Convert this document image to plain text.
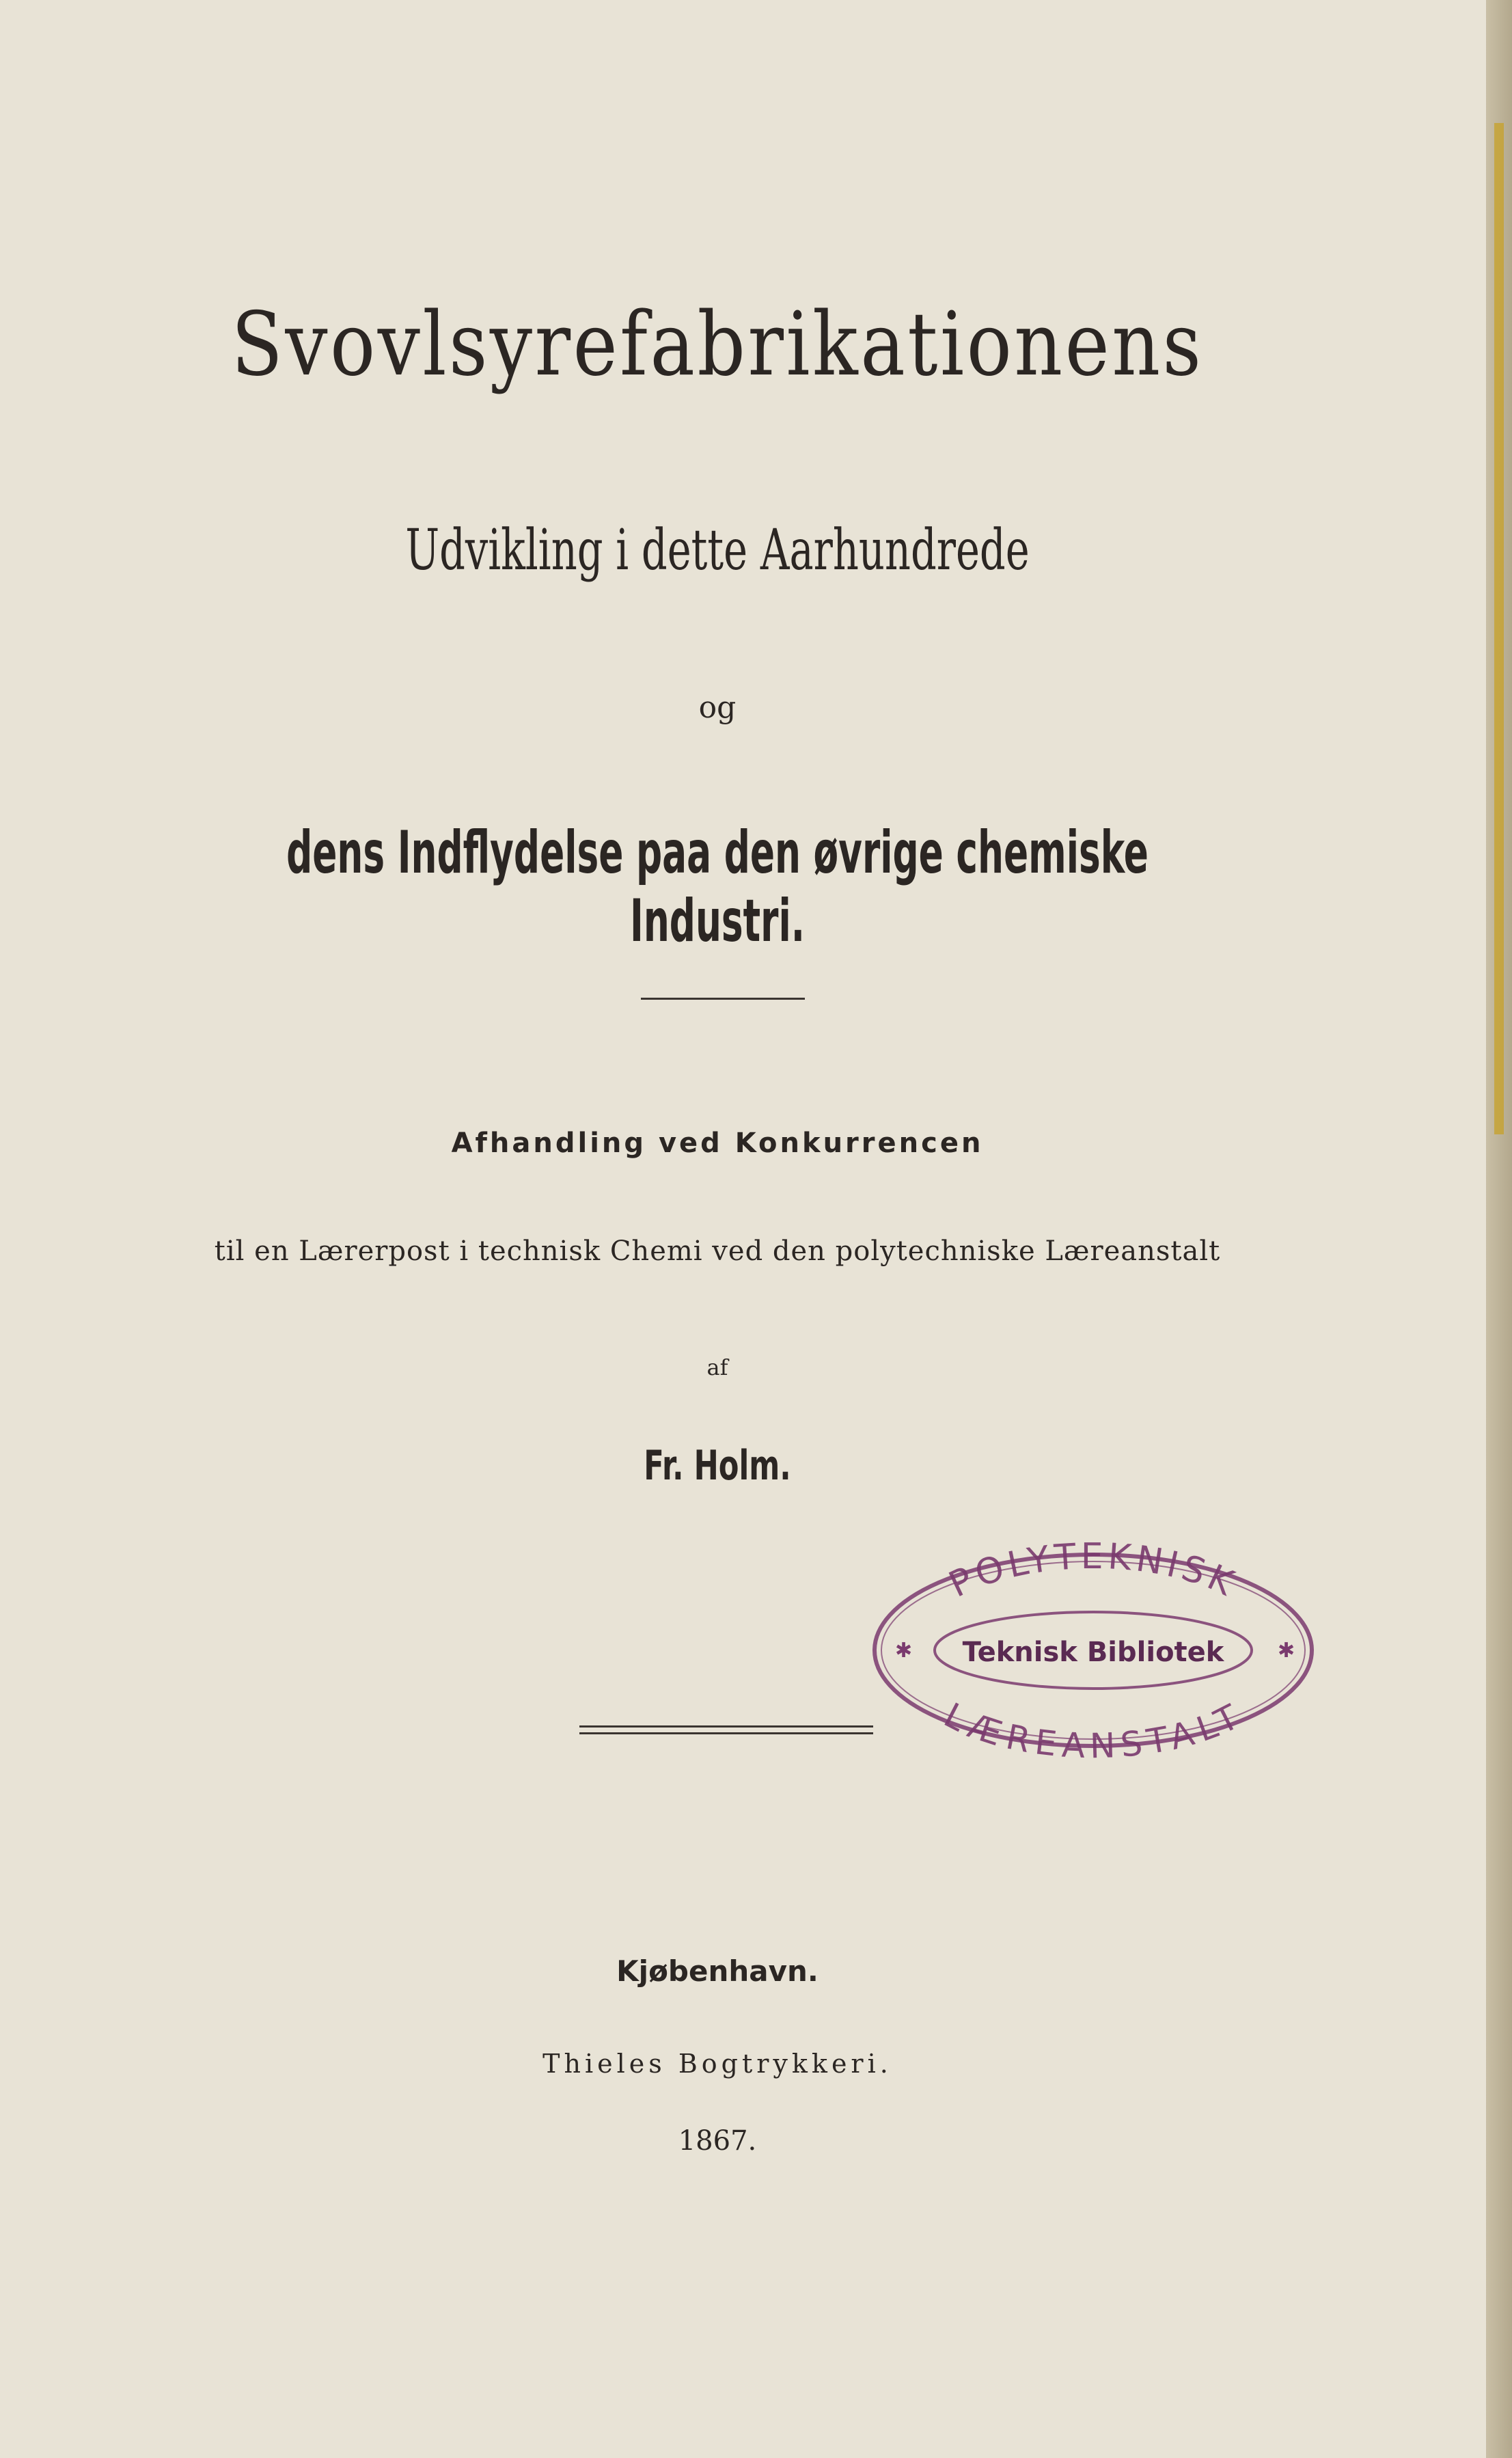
Svovlsyrefabrikationens
Udvikling i dette Aarhundrede
og
dens Indflydelse paa den øvrige chemiske Industri.
Afhandling ved Konkurrencen
til en Lærerpost i technisk Chemi ved den polytechniske Læreanstalt
af
Fr. Holm.
POLYTEKNISK
LÆREANSTALT
Teknisk Bibliotek
✱	✱
Kjøbenhavn.
Thieles Bogtrykkeri.
1867.
